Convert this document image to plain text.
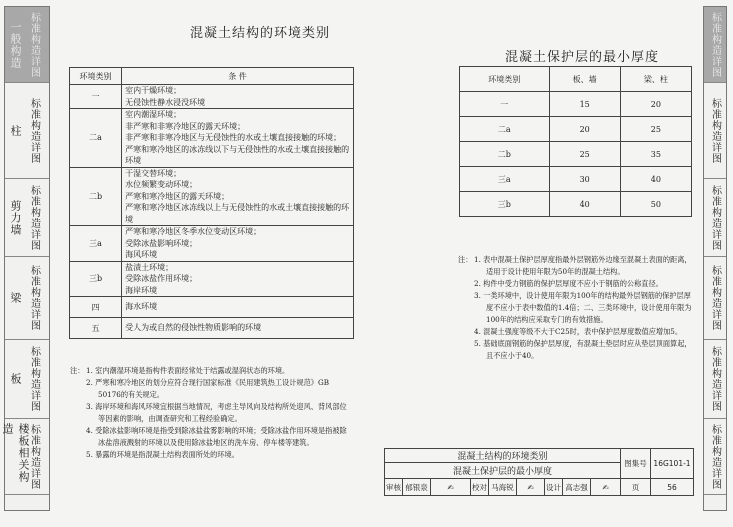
标准构造详图
一般构造
标准构造详图
柱
标准构造详图
剪力墙
标准构造详图
梁
标准构造详图
板
标准构造详图
楼板相关构造
标准构造详图
标准构造详图
标准构造详图
标准构造详图
标准构造详图
标准构造详图
混凝土结构的环境类别
环境类别	条 件
一	室内干燥环境；
无侵蚀性静水浸没环境

二a	室内潮湿环境；
非严寒和非寒冷地区的露天环境；
非严寒和非寒冷地区与无侵蚀性的水或土壤直接接触的环境；
严寒和寒冷地区的冰冻线以下与无侵蚀性的水或土壤直接接触的环境

二b	干湿交替环境；
水位频繁变动环境；
严寒和寒冷地区的露天环境；
严寒和寒冷地区冰冻线以上与无侵蚀性的水或土壤直接接触的环境

三a	严寒和寒冷地区冬季水位变动区环境；
受除冰盐影响环境；
海风环境

三b	盐渍土环境；
受除冰盐作用环境；
海岸环境

四	海水环境

五	受人为或自然的侵蚀性物质影响的环境
注： 1. 室内潮湿环境是指构件表面经常处于结露或湿润状态的环境。
2. 严寒和寒冷地区的划分应符合现行国家标准《民用建筑热工设计规范》GB 50176的有关规定。
3. 海岸环境和海风环境宜根据当地情况，考虑主导风向及结构所处迎风、背风部位等因素的影响，由调查研究和工程经验确定。
4. 受除冰盐影响环境是指受到除冰盐盐雾影响的环境；受除冰盐作用环境是指被除冰盐溶液溅射的环境以及使用除冰盐地区的洗车房、停车楼等建筑。
5. 暴露的环境是指混凝土结构表面所处的环境。
混凝土保护层的最小厚度
环境类别	板、墙	梁、柱
一	15	20
二a	20	25
二b	25	35
三a	30	40
三b	40	50
注： 1. 表中混凝土保护层厚度指最外层钢筋外边缘至混凝土表面的距离，适用于设计使用年限为50年的混凝土结构。
2. 构件中受力钢筋的保护层厚度不应小于钢筋的公称直径。
3. 一类环境中，设计使用年限为100年的结构最外层钢筋的保护层厚度不应小于表中数值的1.4倍；二、三类环境中，设计使用年限为100年的结构应采取专门的有效措施。
4. 混凝土强度等级不大于C25时，表中保护层厚度数值应增加5。
5. 基础底面钢筋的保护层厚度，有混凝土垫层时应从垫层顶面算起，且不应小于40。
混凝土结构的环境类别
混凝土保护层的最小厚度
图集号 16G101-1
审核 郁银泉	✍	校对 马海锐	✍	设计 高志强	✍	页	56
